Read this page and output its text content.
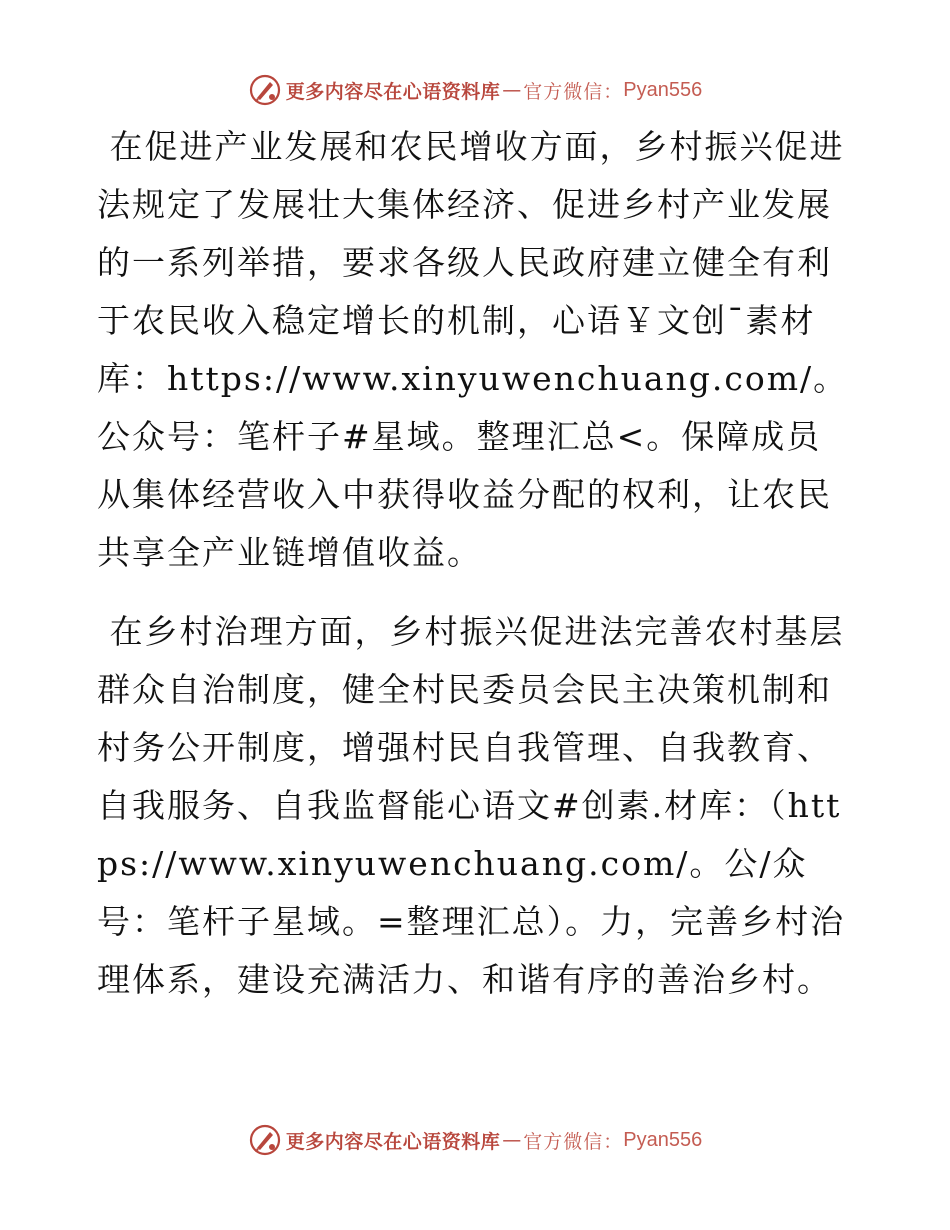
更多内容尽在心语资料库 — 官方微信： Pyan556

在促进产业发展和农民增收方面，乡村振兴促进法规定了发展壮大集体经济、促进乡村产业发展的一系列举措，要求各级人民政府建立健全有利于农民收入稳定增长的机制，心语￥文创¯素材库：https://www.xinyuwenchuang.com/。公众号：笔杆子#星域。整理汇总<。保障成员从集体经营收入中获得收益分配的权利，让农民共享全产业链增值收益。

在乡村治理方面，乡村振兴促进法完善农村基层群众自治制度，健全村民委员会民主决策机制和村务公开制度，增强村民自我管理、自我教育、自我服务、自我监督能心语文#创素.材库：（https://www.xinyuwenchuang.com/。公/众号：笔杆子星域。=整理汇总）。力，完善乡村治理体系，建设充满活力、和谐有序的善治乡村。

更多内容尽在心语资料库 — 官方微信： Pyan556
